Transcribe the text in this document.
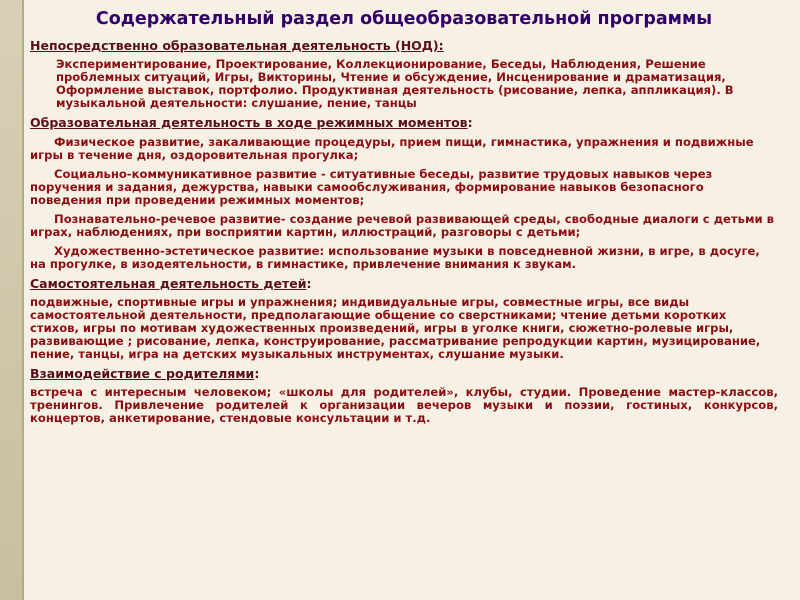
Содержательный раздел общеобразовательной программы
Непосредственно образовательная деятельность (НОД):

Экспериментирование, Проектирование, Коллекционирование, Беседы, Наблюдения, Решение проблемных ситуаций, Игры, Викторины, Чтение и обсуждение, Инсценирование и драматизация, Оформление выставок, портфолио. Продуктивная деятельность (рисование, лепка, аппликация). В музыкальной деятельности: слушание, пение, танцы

Образовательная деятельность в ходе режимных моментов:

Физическое развитие, закаливающие процедуры, прием пищи, гимнастика, упражнения и подвижные игры в течение дня, оздоровительная прогулка;

Социально-коммуникативное развитие - ситуативные беседы, развитие трудовых навыков через поручения и задания, дежурства, навыки самообслуживания, формирование навыков безопасного поведения при проведении режимных моментов;

Познавательно-речевое развитие- создание речевой развивающей среды, свободные диалоги с детьми в играх, наблюдениях, при восприятии картин, иллюстраций, разговоры с детьми;

Художественно-эстетическое развитие: использование музыки в повседневной жизни, в игре, в досуге, на прогулке, в изодеятельности, в гимнастике, привлечение внимания к звукам.

Самостоятельная деятельность детей:

подвижные, спортивные игры и упражнения; индивидуальные игры, совместные игры, все виды самостоятельной деятельности, предполагающие общение со сверстниками; чтение детьми коротких стихов, игры по мотивам художественных произведений, игры в уголке книги, сюжетно-ролевые игры, развивающие ; рисование, лепка, конструирование, рассматривание репродукции картин, музицирование, пение, танцы, игра на детских музыкальных инструментах, слушание музыки.

Взаимодействие с родителями:

встреча с интересным человеком; «школы для родителей», клубы, студии. Проведение мастер-классов, тренингов. Привлечение родителей к организации вечеров музыки и поэзии, гостиных, конкурсов, концертов, анкетирование, стендовые консультации и т.д.
